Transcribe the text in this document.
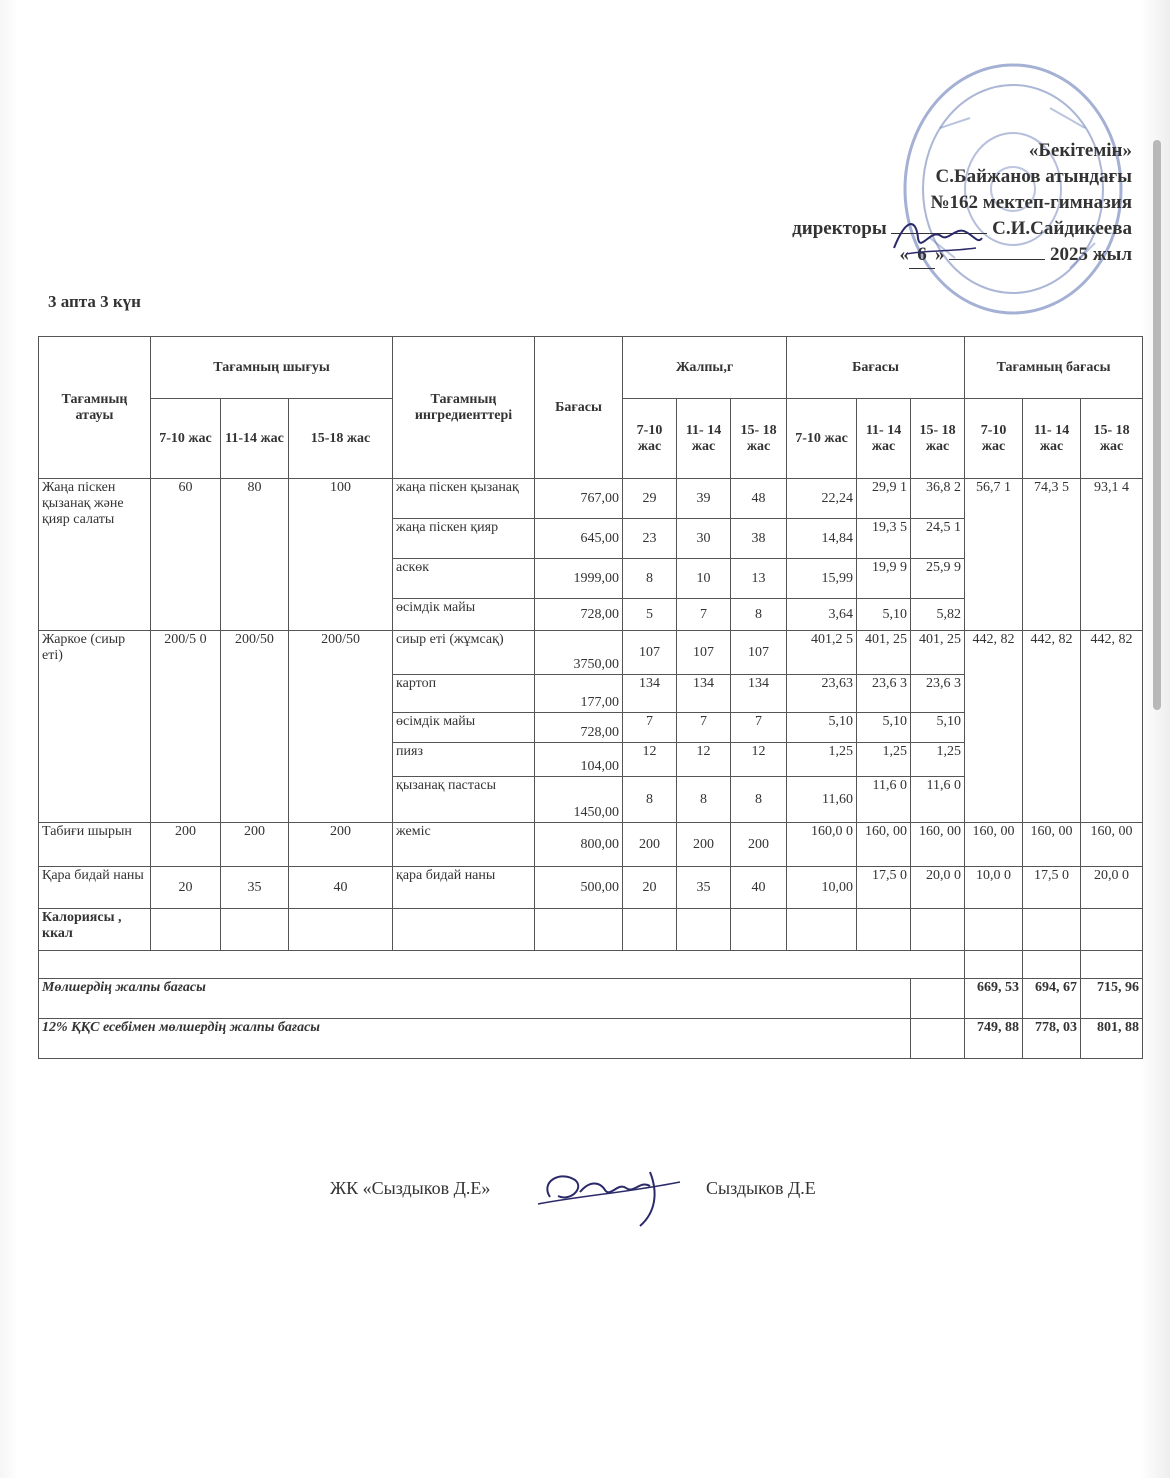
«Бекітемін»
С.Байжанов атындағы
№162 мектеп-гимназия
директоры	С.И.Сайдикеева
« 6 »	2025 жыл
3 апта 3 күн
Тағамның атауы	Тағамның шығуы			Тағамның ингредиенттері	Бағасы	Жалпы,г			Бағасы			Тағамның бағасы		
	7-10 жас	11-14 жас	15-18 жас			7-10 жас	11- 14 жас	15- 18 жас	7-10 жас	11- 14 жас	15- 18 жас	7-10 жас	11- 14 жас	15- 18 жас
Жаңа піскен қызанақ және қияр салаты	60	80	100	жаңа піскен қызанақ	767,00	29	39	48	22,24	29,9 1	36,8 2	56,7 1	74,3 5	93,1 4
				жаңа піскен қияр	645,00	23	30	38	14,84	19,3 5	24,5 1			
				аскөк	1999,00	8	10	13	15,99	19,9 9	25,9 9			
				өсімдік майы	728,00	5	7	8	3,64	5,10	5,82			
Жаркое (сиыр еті)	200/5 0	200/50	200/50	сиыр еті (жұмсақ)	3750,00	107	107	107	401,2 5	401, 25	401, 25	442, 82	442, 82	442, 82
				картоп	177,00	134	134	134	23,63	23,6 3	23,6 3			
				өсімдік майы	728,00	7	7	7	5,10	5,10	5,10			
				пияз	104,00	12	12	12	1,25	1,25	1,25			
				қызанақ пастасы	1450,00	8	8	8	11,60	11,6 0	11,6 0			
Табиғи шырын	200	200	200	жеміс	800,00	200	200	200	160,0 0	160, 00	160, 00	160, 00	160, 00	160, 00
Қара бидай наны	20	35	40	қара бидай наны	500,00	20	35	40	10,00	17,5 0	20,0 0	10,0 0	17,5 0	20,0 0
Калориясы , ккал														

Мөлшердің жалпы бағасы												669, 53	694, 67	715, 96
12% ҚҚС есебімен мөлшердің жалпы бағасы												749, 88	778, 03	801, 88
ЖК «Сыздыков Д.Е»	Сыздыков Д.Е
